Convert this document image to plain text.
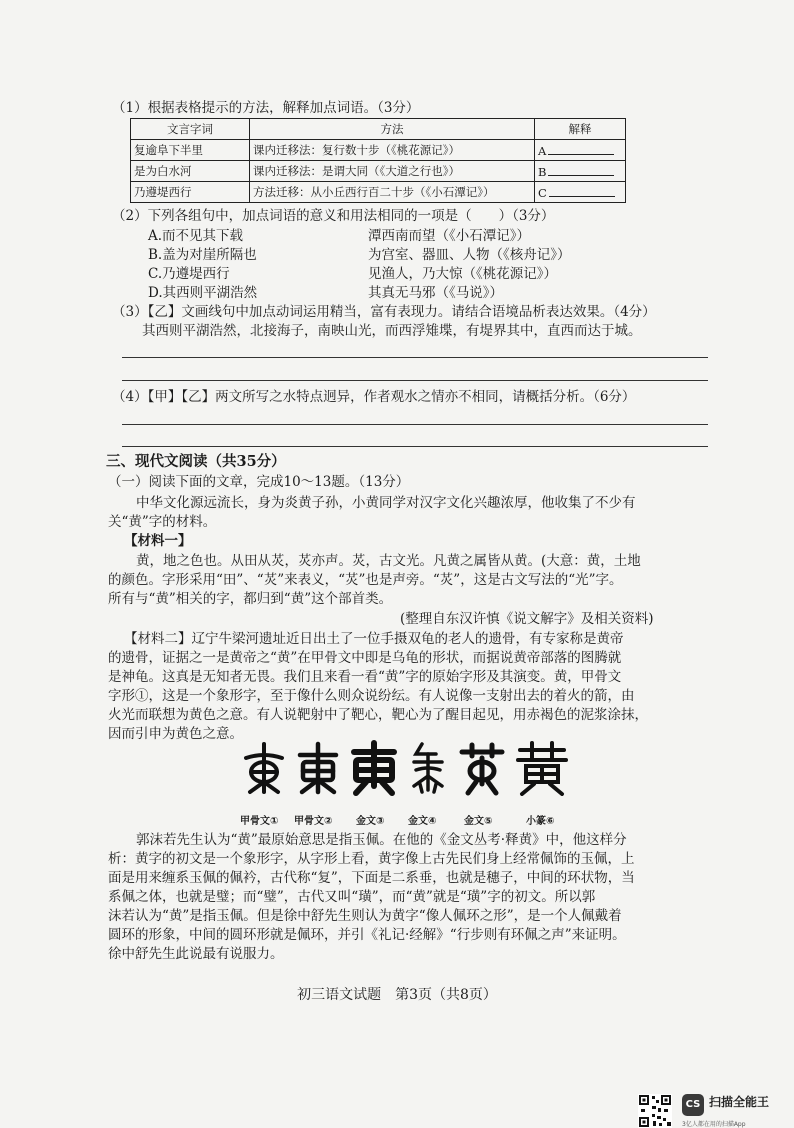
（1）根据表格提示的方法，解释加点词语。（3分）
文言字词	方法	解释
复逾阜下半里	课内迁移法：复行数十步（《桃花源记》）	A
是为白水河	课内迁移法：是谓大同（《大道之行也》）	B
乃遵堤西行	方法迁移：从小丘西行百二十步（《小石潭记》）	C
（2）下列各组句中，加点词语的意义和用法相同的一项是（　　）（3分）
A.而不见其下载	潭西南而望（《小石潭记》）
B.盖为对崖所隔也	为宫室、器皿、人物（《核舟记》）
C.乃遵堤西行	见渔人，乃大惊（《桃花源记》）
D.其西则平湖浩然	其真无马邪（《马说》）
（3）【乙】文画线句中加点动词运用精当，富有表现力。请结合语境品析表达效果。（4分）
其西则平湖浩然，北接海子，南映山光，而西浮雉堞，有堤界其中，直西而达于城。
（4）【甲】【乙】两文所写之水特点迥异，作者观水之情亦不相同，请概括分析。（6分）
三、现代文阅读（共35分）
（一）阅读下面的文章，完成10～13题。（13分）
中华文化源远流长，身为炎黄子孙，小黄同学对汉字文化兴趣浓厚，他收集了不少有
关“黄”字的材料。
【材料一】
黄，地之色也。从田从炗，炗亦声。炗，古文光。凡黄之属皆从黄。(大意：黄，土地
的颜色。字形采用“田”、“炗”来表义，“炗”也是声旁。“炗”，这是古文写法的“光”字。
所有与“黄”相关的字，都归到“黄”这个部首类。
(整理自东汉许慎《说文解字》及相关资料)
【材料二】辽宁牛梁河遗址近日出土了一位手摄双龟的老人的遗骨，有专家称是黄帝
的遗骨，证据之一是黄帝之“黄”在甲骨文中即是乌龟的形状，而据说黄帝部落的图腾就
是神龟。这真是无知者无畏。我们且来看一看“黄”字的原始字形及其演变。黄，甲骨文
字形①，这是一个象形字，至于像什么则众说纷纭。有人说像一支射出去的着火的箭，由
火光而联想为黄色之意。有人说靶射中了靶心，靶心为了醒目起见，用赤褐色的泥浆涂抹，
因而引申为黄色之意。
甲骨文① 甲骨文② 金文③ 金文④	金文⑤	小篆⑥
郭沫若先生认为“黄”最原始意思是指玉佩。在他的《金文丛考·释黄》中，他这样分
析：黄字的初文是一个象形字，从字形上看，黄字像上古先民们身上经常佩饰的玉佩，上
面是用来缠系玉佩的佩衿，古代称“复”，下面是二系垂，也就是穗子，中间的环状物，当
系佩之体，也就是璧；而“璧”，古代又叫“璜”，而“黄”就是“璜”字的初文。所以郭
沫若认为“黄”是指玉佩。但是徐中舒先生则认为黄字“像人佩环之形”，是一个人佩戴着
圆环的形象，中间的圆环形就是佩环，并引《礼记·经解》“行步则有环佩之声”来证明。
徐中舒先生此说最有说服力。
初三语文试题　第3页（共8页）
CS 扫描全能王
3亿人都在用的扫描App
